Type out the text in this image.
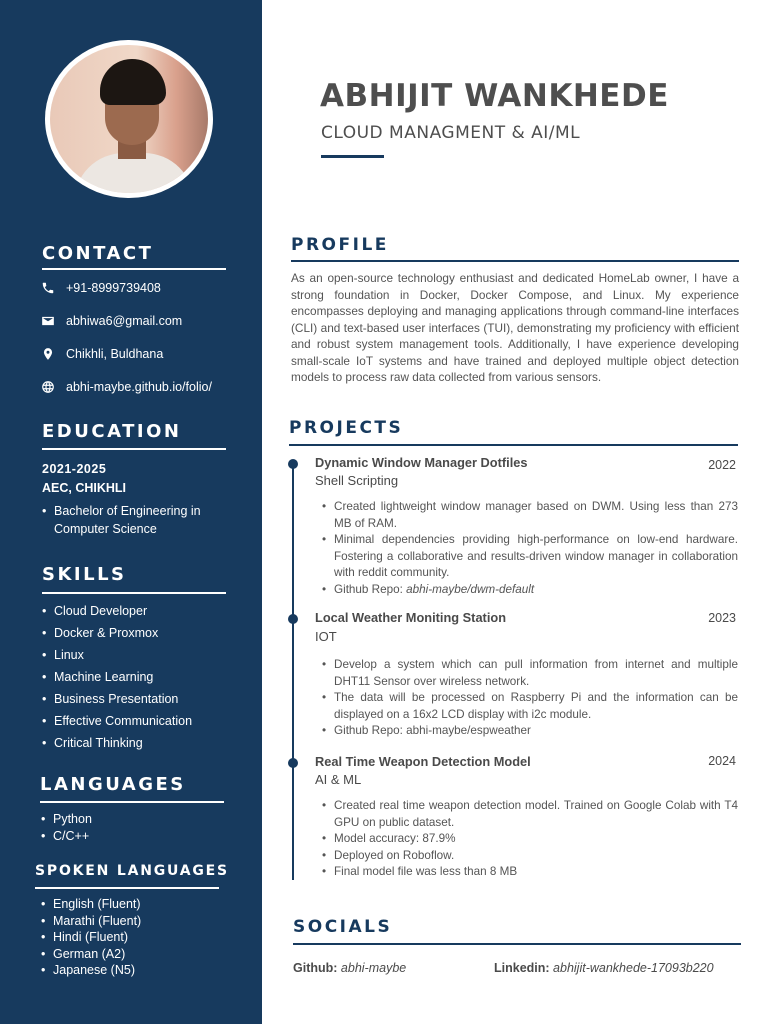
CONTACT
+91-8999739408
abhiwa6@gmail.com
Chikhli, Buldhana
abhi-maybe.github.io/folio/
EDUCATION
2021-2025
AEC, CHIKHLI
• Bachelor of Engineering in
Computer Science
SKILLS
• Cloud Developer
• Docker & Proxmox
• Linux
• Machine Learning
• Business Presentation
• Effective Communication
• Critical Thinking
LANGUAGES
• Python
• C/C++
SPOKEN LANGUAGES
• English (Fluent)
• Marathi (Fluent)
• Hindi (Fluent)
• German (A2)
• Japanese (N5)
ABHIJIT WANKHEDE
CLOUD MANAGMENT & AI/ML
PROFILE
As an open-source technology enthusiast and dedicated HomeLab owner, I have a strong foundation in Docker, Docker Compose, and Linux. My experience encompasses deploying and managing applications through command-line interfaces (CLI) and text-based user interfaces (TUI), demonstrating my proficiency with efficient and robust system management tools. Additionally, I have experience developing small-scale IoT systems and have trained and deployed multiple object detection models to process raw data collected from various sensors.
PROJECTS
Dynamic Window Manager Dotfiles	2022
Shell Scripting
• Created lightweight window manager based on DWM. Using less than 273 MB of RAM.
• Minimal dependencies providing high-performance on low-end hardware. Fostering a collaborative and results-driven window manager in collaboration with reddit community.
• Github Repo: abhi-maybe/dwm-default
Local Weather Moniting Station	2023
IOT
• Develop a system which can pull information from internet and multiple DHT11 Sensor over wireless network.
• The data will be processed on Raspberry Pi and the information can be displayed on a 16x2 LCD display with i2c module.
• Github Repo: abhi-maybe/espweather
Real Time Weapon Detection Model	2024
AI & ML
• Created real time weapon detection model. Trained on Google Colab with T4 GPU on public dataset.
• Model accuracy: 87.9%
• Deployed on Roboflow.
• Final model file was less than 8 MB
SOCIALS
Github: abhi-maybe	Linkedin: abhijit-wankhede-17093b220
